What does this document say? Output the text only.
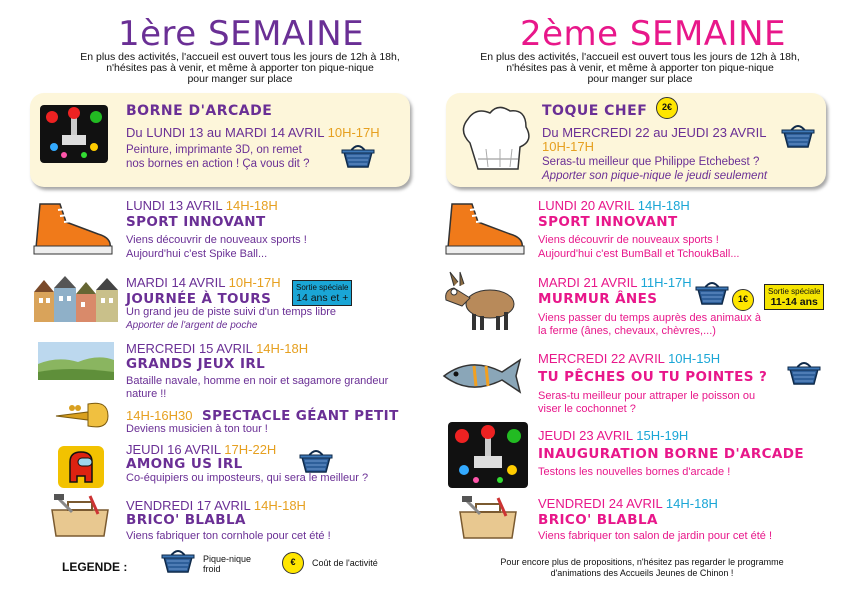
1ère SEMAINE
En plus des activités, l'accueil est ouvert tous les jours de 12h à 18h,
n'hésites pas à venir, et même à apporter ton pique-nique
pour manger sur place
2ème SEMAINE
En plus des activités, l'accueil est ouvert tous les jours de 12h à 18h,
n'hésites pas à venir, et même à apporter ton pique-nique
pour manger sur place
BORNE D'ARCADE
Du LUNDI 13 au MARDI 14 AVRIL 10H-17H
Peinture, imprimante 3D, on remet
nos bornes en action ! Ça vous dit ?
TOQUE CHEF	2€
Du MERCREDI 22 au JEUDI 23 AVRIL
10H-17H
Seras-tu meilleur que Philippe Etchebest ?
Apporter son pique-nique le jeudi seulement
LUNDI 13 AVRIL 14H-18H
SPORT INNOVANT
Viens découvrir de nouveaux sports !
Aujourd'hui c'est Spike Ball...
MARDI 14 AVRIL 10H-17H
JOURNÉE À TOURS
Sortie spéciale
14 ans et +
Un grand jeu de piste suivi d'un temps libre
Apporter de l'argent de poche
MERCREDI 15 AVRIL 14H-18H
GRANDS JEUX IRL
Bataille navale, homme en noir et sagamore grandeur
nature !!
14H-16H30 SPECTACLE GÉANT PETIT
Deviens musicien à ton tour !
JEUDI 16 AVRIL 17H-22H
AMONG US IRL
Co-équipiers ou imposteurs, qui sera le meilleur ?
VENDREDI 17 AVRIL 14H-18H
BRICO' BLABLA
Viens fabriquer ton cornhole pour cet été !
LEGENDE :
Pique-nique
froid
€	Coût de l'activité
LUNDI 20 AVRIL 14H-18H
SPORT INNOVANT
Viens découvrir de nouveaux sports !
Aujourd'hui c'est BumBall et TchoukBall...
MARDI 21 AVRIL 11H-17H
MURMUR ÂNES	1€
Sortie spéciale
11-14 ans
Viens passer du temps auprès des animaux à
la ferme (ânes, chevaux, chèvres,...)
MERCREDI 22 AVRIL 10H-15H
TU PÊCHES OU TU POINTES ?
Seras-tu meilleur pour attraper le poisson ou
viser le cochonnet ?
JEUDI 23 AVRIL 15H-19H
INAUGURATION BORNE D'ARCADE
Testons les nouvelles bornes d'arcade !
VENDREDI 24 AVRIL 14H-18H
BRICO' BLABLA
Viens fabriquer ton salon de jardin pour cet été !
Pour encore plus de propositions, n'hésitez pas regarder le programme
d'animations des Accueils Jeunes de Chinon !
